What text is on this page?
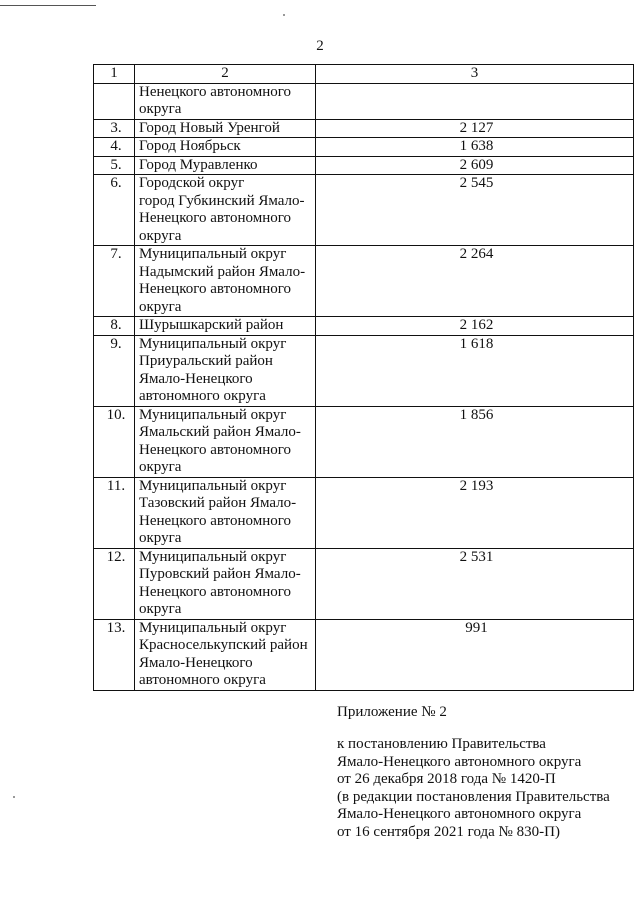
2
1	2	3
	Ненецкого автономного
округа	
3.	Город Новый Уренгой	2 127
4.	Город Ноябрьск	1 638
5.	Город Муравленко	2 609
6.	Городской округ
город Губкинский Ямало-
Ненецкого автономного
округа	2 545
7.	Муниципальный округ
Надымский район Ямало-
Ненецкого автономного
округа	2 264
8.	Шурышкарский район	2 162
9.	Муниципальный округ
Приуральский район
Ямало-Ненецкого
автономного округа	1 618
10.	Муниципальный округ
Ямальский район Ямало-
Ненецкого автономного
округа	1 856
11.	Муниципальный округ
Тазовский район Ямало-
Ненецкого автономного
округа	2 193
12.	Муниципальный округ
Пуровский район Ямало-
Ненецкого автономного
округа	2 531
13.	Муниципальный округ
Красноселькупский район
Ямало-Ненецкого
автономного округа	991
Приложение № 2
к постановлению Правительства
Ямало-Ненецкого автономного округа
от 26 декабря 2018 года № 1420-П
(в редакции постановления Правительства
Ямало-Ненецкого автономного округа
от 16 сентября 2021 года № 830-П)
